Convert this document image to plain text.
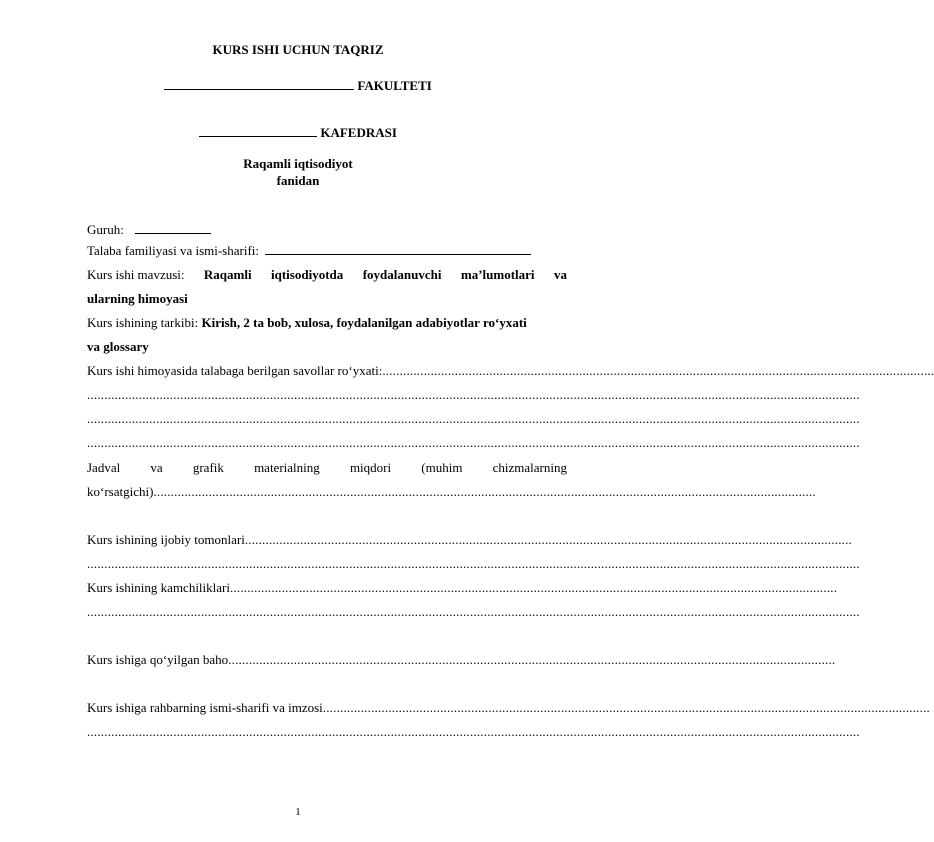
KURS ISHI UCHUN TAQRIZ
FAKULTETI
KAFEDRASI
Raqamli iqtisodiyot
fanidan
Guruh:
Talaba familiyasi va ismi-sharifi:
Kurs ishi mavzusi: Raqamli iqtisodiyotda foydalanuvchi ma’lumotlari va
ularning himoyasi
Kurs ishining tarkibi: Kirish, 2 ta bob, xulosa, foydalanilgan adabiyotlar ro‘yxati
va glossary
Kurs ishi himoyasida talabaga berilgan savollar ro‘yxati:................................................................................................................................................................
................................................................................................................................................................................................................................
................................................................................................................................................................................................................................
................................................................................................................................................................................................................................
Jadval va grafik materialning miqdori (muhim chizmalarning
ko‘rsatgichi)................................................................................................................................................................................................
Kurs ishining ijobiy tomonlari................................................................................................................................................................................
................................................................................................................................................................................................................................
Kurs ishining kamchiliklari................................................................................................................................................................................
................................................................................................................................................................................................................................
Kurs ishiga qo‘yilgan baho................................................................................................................................................................................
Kurs ishiga rahbarning ismi-sharifi va imzosi................................................................................................................................................................................
................................................................................................................................................................................................................................
1
